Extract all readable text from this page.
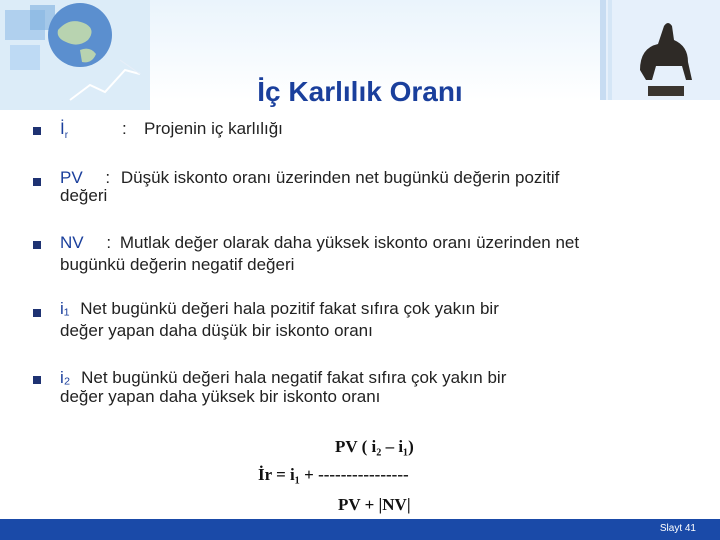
İç Karlılık Oranı
$İ_r$	: Projenin iç karlılığı
PV : Düşük iskonto oranı üzerinden net bugünkü değerin pozitif
değeri
NV : Mutlak değer olarak daha yüksek iskonto oranı üzerinden net
bugünkü değerin negatif değeri
i₁ Net bugünkü değeri hala pozitif fakat sıfıra çok yakın bir
değer yapan daha düşük bir iskonto oranı
i₂ Net bugünkü değeri hala negatif fakat sıfıra çok yakın bir
değer yapan daha yüksek bir iskonto oranı
PV ( i₂ – i₁)
İr = i₁ + ----------------
PV + |NV|
Slayt 41
